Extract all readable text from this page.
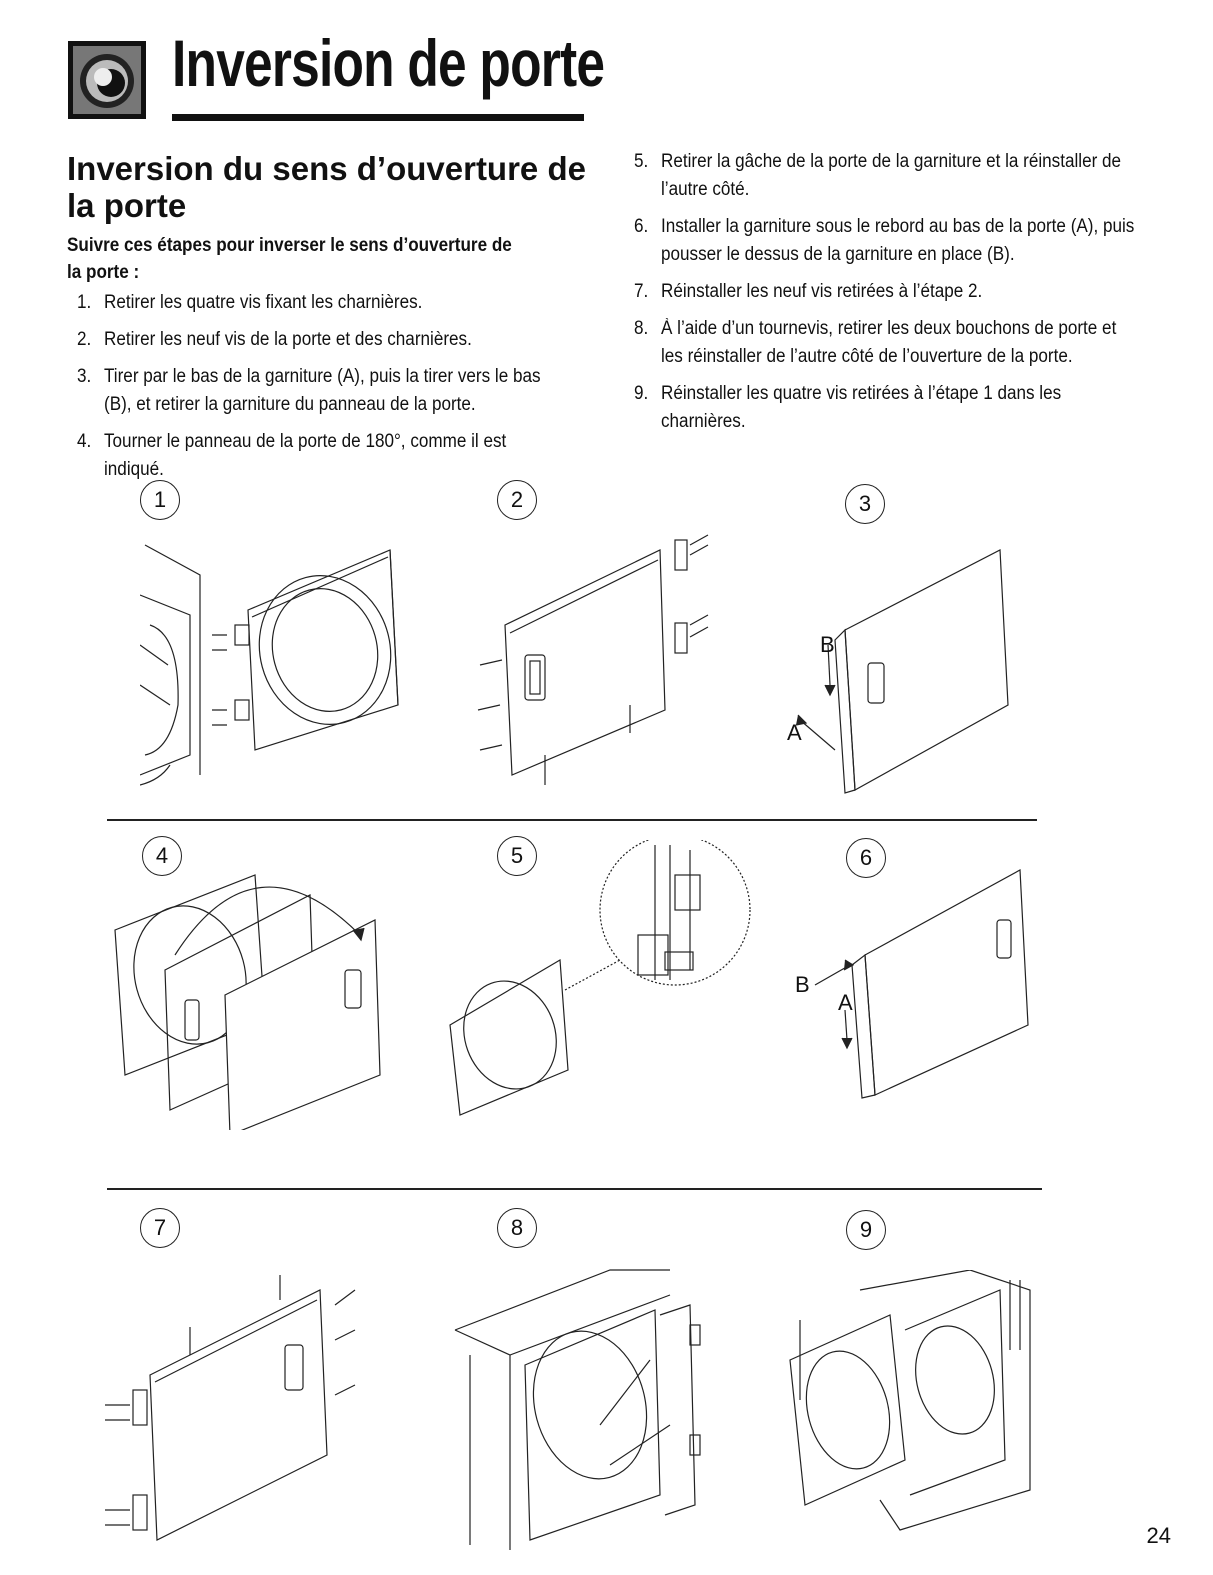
Inversion de porte
Inversion du sens d’ouverture de la porte

Suivre ces étapes pour inverser le sens d’ouverture de la porte :

1. Retirer les quatre vis fixant les charnières.
2. Retirer les neuf vis de la porte et des charnières.
3. Tirer par le bas de la garniture (A), puis la tirer vers le bas (B), et retirer la garniture du panneau de la porte.
4. Tourner le panneau de la porte de 180°, comme il est indiqué.
5. Retirer la gâche de la porte de la garniture et la réinstaller de l’autre côté.
6. Installer la garniture sous le rebord au bas de la porte (A), puis pousser le dessus de la garniture en place (B).
7. Réinstaller les neuf vis retirées à l’étape 2.
8. À l’aide d’un tournevis, retirer les deux bouchons de porte et les réinstaller de l’autre côté de l’ouverture de la porte.
9. Réinstaller les quatre vis retirées à l’étape 1 dans les charnières.
1	2	3
4	5	6
7	8	9
B
A
B
A
24
